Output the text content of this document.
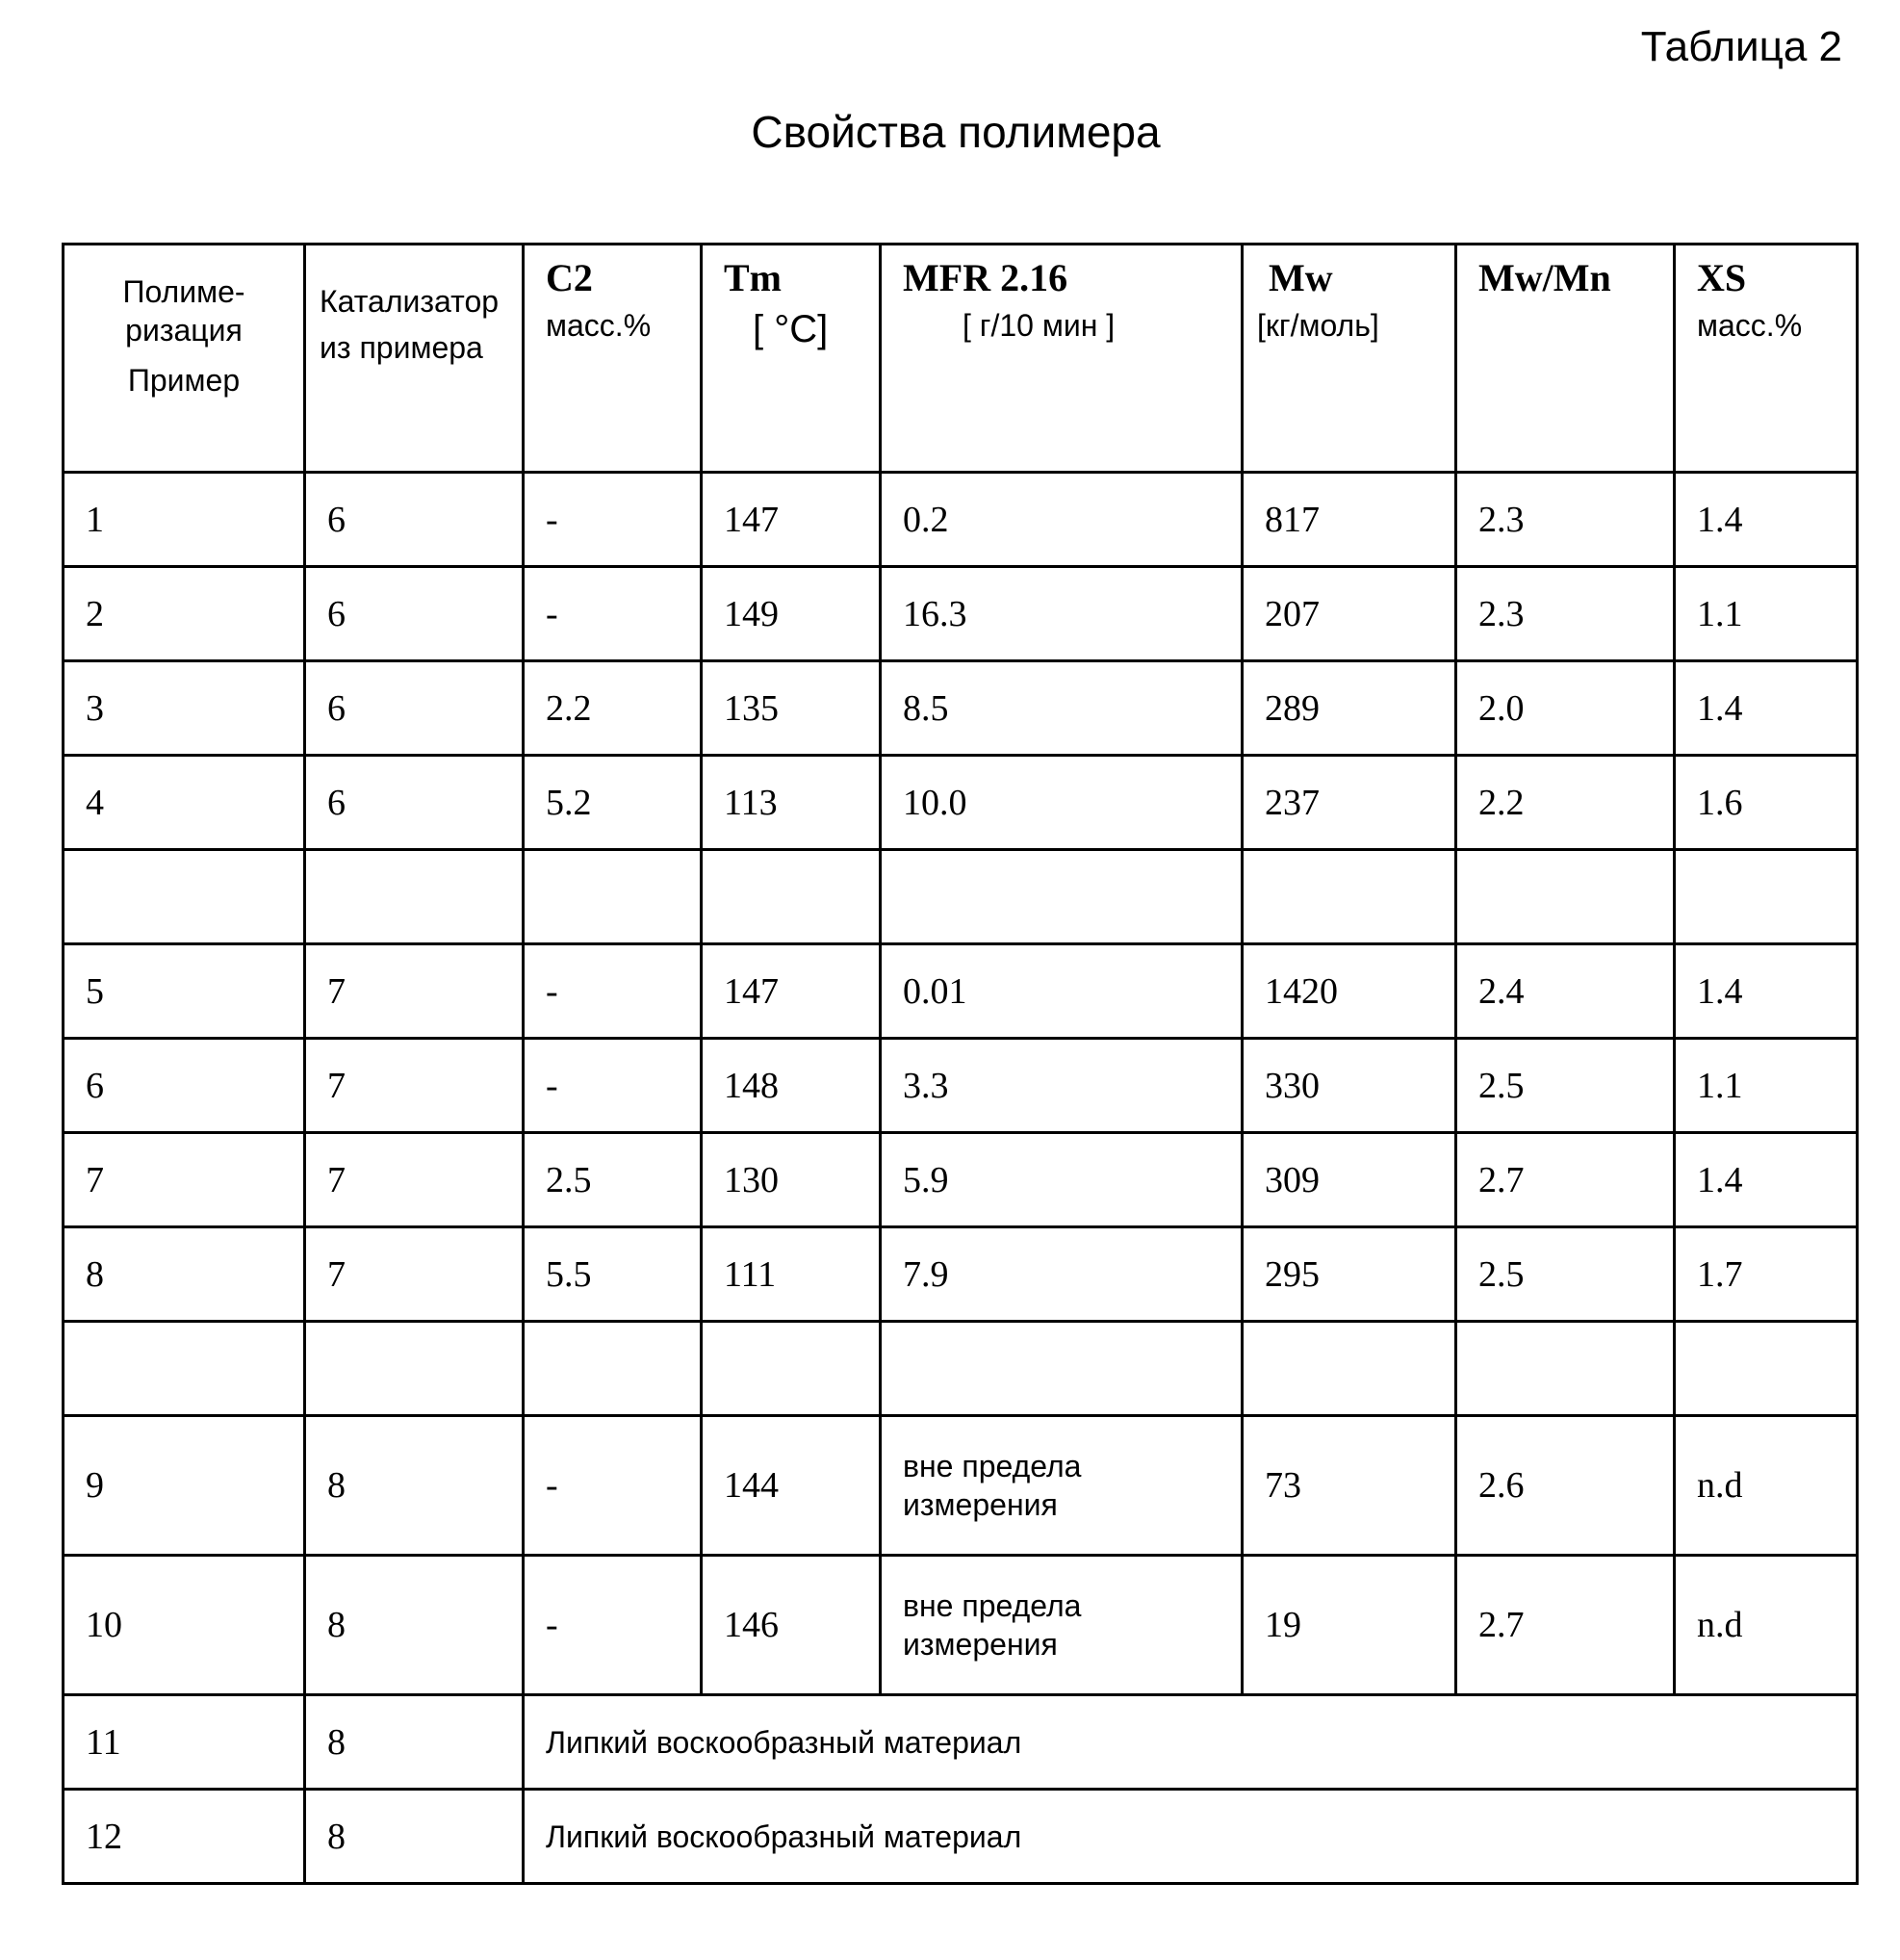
Таблица 2
Свойства полимера
Полиме-
ризация
Пример

Катализатор
из примера
	C2
масс.%
	Tm
[ °C]
	MFR 2.16
[ г/10 мин ]
	Mw
[кг/моль]
	Mw/Mn	XS
масс.%

1	6	-	147	0.2	817	2.3	1.4
2	6	-	149	16.3	207	2.3	1.1
3	6	2.2	135	8.5	289	2.0	1.4
4	6	5.2	113	10.0	237	2.2	1.6

5	7	-	147	0.01	1420	2.4	1.4
6	7	-	148	3.3	330	2.5	1.1
7	7	2.5	130	5.9	309	2.7	1.4
8	7	5.5	111	7.9	295	2.5	1.7

9	8	-	144	вне предела измерения	73	2.6	n.d
10	8	-	146	вне предела измерения	19	2.7	n.d
11	8	Липкий воскообразный материал
12	8	Липкий воскообразный материал
